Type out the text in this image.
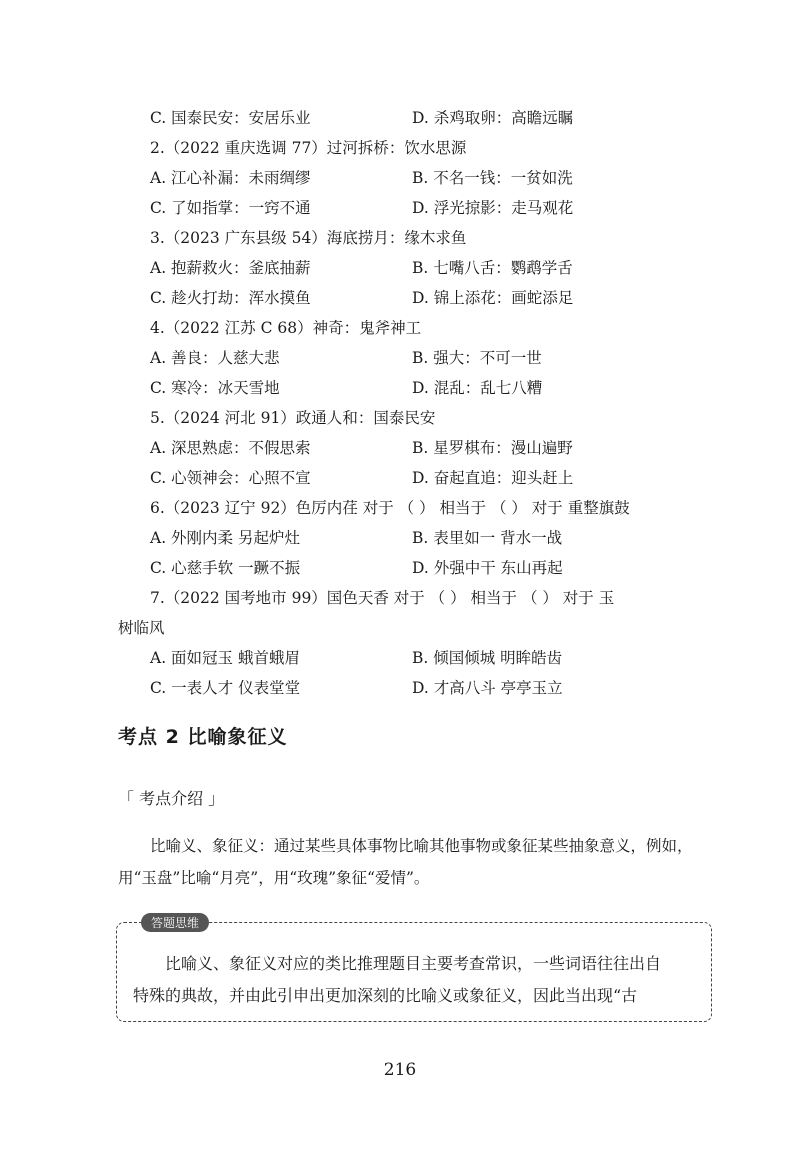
C. 国泰民安：安居乐业	D. 杀鸡取卵：高瞻远瞩
2.（2022 重庆选调 77）过河拆桥：饮水思源
A. 江心补漏：未雨绸缪	B. 不名一钱：一贫如洗
C. 了如指掌：一窍不通	D. 浮光掠影：走马观花
3.（2023 广东县级 54）海底捞月：缘木求鱼
A. 抱薪救火：釜底抽薪	B. 七嘴八舌：鹦鹉学舌
C. 趁火打劫：浑水摸鱼	D. 锦上添花：画蛇添足
4.（2022 江苏 C 68）神奇：鬼斧神工
A. 善良：人慈大悲	B. 强大：不可一世
C. 寒冷：冰天雪地	D. 混乱：乱七八糟
5.（2024 河北 91）政通人和：国泰民安
A. 深思熟虑：不假思索	B. 星罗棋布：漫山遍野
C. 心领神会：心照不宣	D. 奋起直追：迎头赶上
6.（2023 辽宁 92）色厉内荏 对于 （ ） 相当于 （ ） 对于 重整旗鼓
A. 外刚内柔 另起炉灶	B. 表里如一 背水一战
C. 心慈手软 一蹶不振	D. 外强中干 东山再起
7.（2022 国考地市 99）国色天香 对于 （ ） 相当于 （ ） 对于 玉
树临风
A. 面如冠玉 蛾首蛾眉	B. 倾国倾城 明眸皓齿
C. 一表人才 仪表堂堂	D. 才高八斗 亭亭玉立
考点 2 比喻象征义
「 考点介绍 」
比喻义、象征义：通过某些具体事物比喻其他事物或象征某些抽象意义，例如，
用“玉盘”比喻“月亮”，用“玫瑰”象征“爱情”。
答题思维
比喻义、象征义对应的类比推理题目主要考查常识，一些词语往往出自
特殊的典故，并由此引申出更加深刻的比喻义或象征义，因此当出现“古
216
